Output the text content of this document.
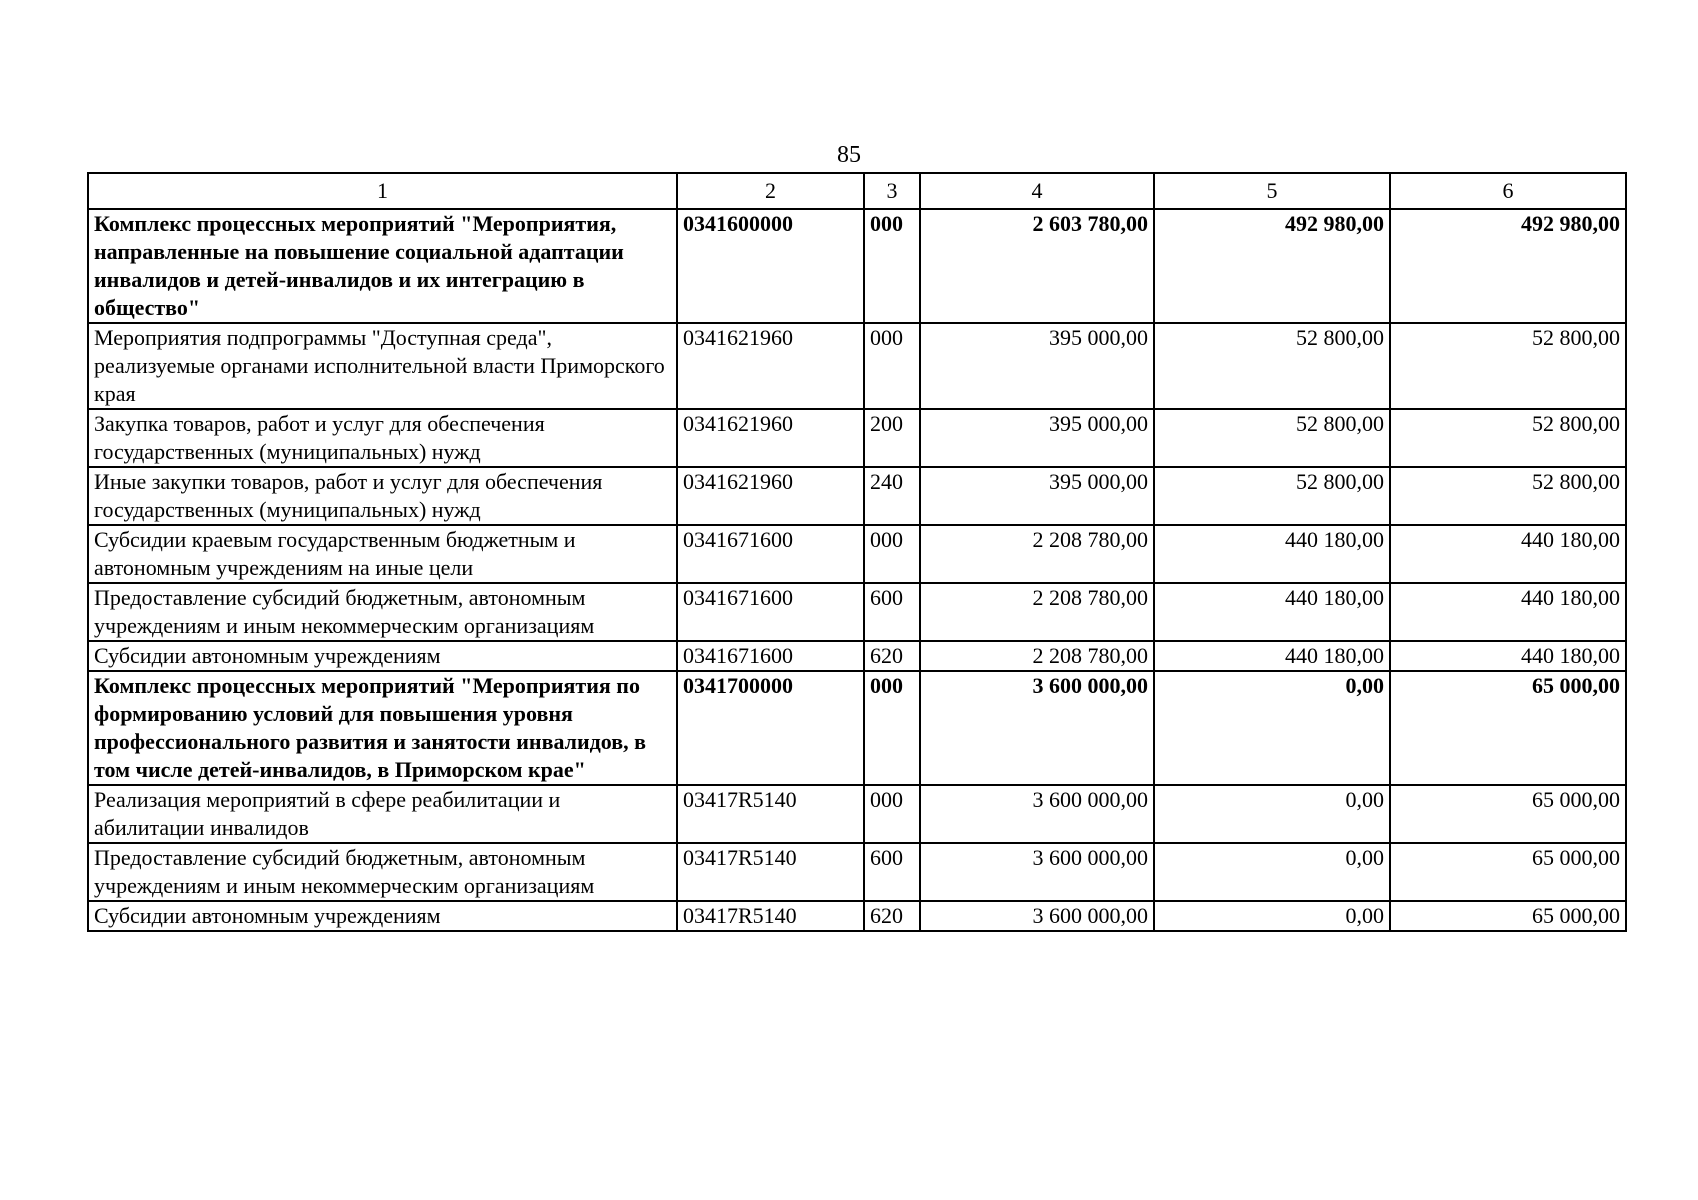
85
1	2	3	4	5	6
Комплекс процессных мероприятий "Мероприятия, направленные на повышение социальной адаптации инвалидов и детей-инвалидов и их интеграцию в общество"	0341600000	000	2 603 780,00	492 980,00	492 980,00
Мероприятия подпрограммы "Доступная среда", реализуемые органами исполнительной власти Приморского края	0341621960	000	395 000,00	52 800,00	52 800,00
Закупка товаров, работ и услуг для обеспечения государственных (муниципальных) нужд	0341621960	200	395 000,00	52 800,00	52 800,00
Иные закупки товаров, работ и услуг для обеспечения государственных (муниципальных) нужд	0341621960	240	395 000,00	52 800,00	52 800,00
Субсидии краевым государственным бюджетным и автономным учреждениям на иные цели	0341671600	000	2 208 780,00	440 180,00	440 180,00
Предоставление субсидий бюджетным, автономным учреждениям и иным некоммерческим организациям	0341671600	600	2 208 780,00	440 180,00	440 180,00
Субсидии автономным учреждениям	0341671600	620	2 208 780,00	440 180,00	440 180,00
Комплекс процессных мероприятий "Мероприятия по формированию условий для повышения уровня профессионального развития и занятости инвалидов, в том числе детей-инвалидов, в Приморском крае"	0341700000	000	3 600 000,00	0,00	65 000,00
Реализация мероприятий в сфере реабилитации и абилитации инвалидов	03417R5140	000	3 600 000,00	0,00	65 000,00
Предоставление субсидий бюджетным, автономным учреждениям и иным некоммерческим организациям	03417R5140	600	3 600 000,00	0,00	65 000,00
Субсидии автономным учреждениям	03417R5140	620	3 600 000,00	0,00	65 000,00
